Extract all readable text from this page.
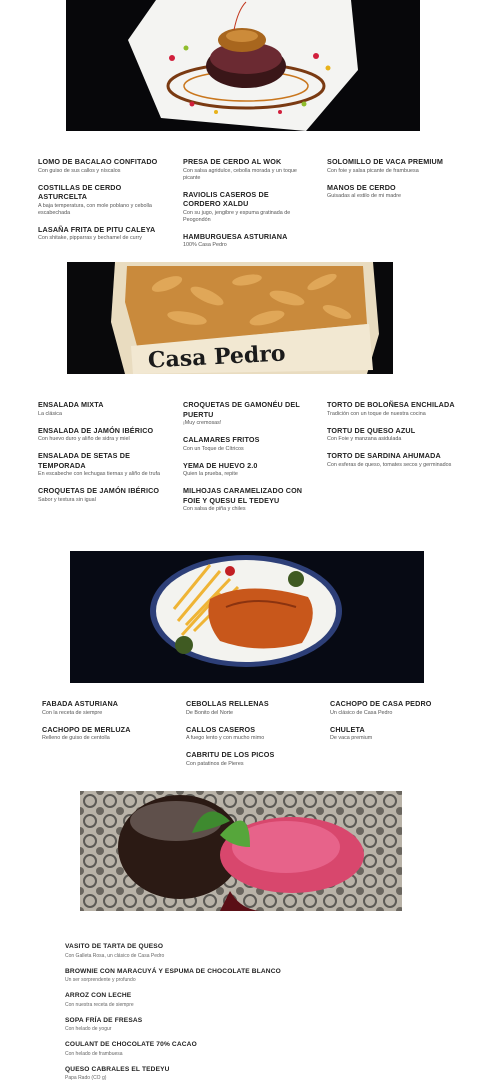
LOMO DE BACALAO CONFITADO
Con guiso de sus callos y níscalos
COSTILLAS DE CERDO ASTURCELTA
A baja temperatura, con mole poblano y cebolla escabechada
LASAÑA FRITA DE PITU CALEYA
Con shitake, pipparras y bechamel de curry
PRESA DE CERDO AL WOK
Con salsa agridulce, cebolla morada y un toque picante
RAVIOLIS CASEROS DE CORDERO XALDU
Con su jugo, jengibre y espuma gratinada de Peogondón
HAMBURGUESA ASTURIANA
100% Casa Pedro
SOLOMILLO DE VACA PREMIUM
Con foie y salsa picante de frambuesa
MANOS DE CERDO
Guisadas al estilo de mi madre
Casa Pedro
ENSALADA MIXTA
La clásica
ENSALADA DE JAMÓN IBÉRICO
Con huevo duro y aliño de sidra y miel
ENSALADA DE SETAS DE TEMPORADA
En escabeche con lechugas tiernas y aliño de trufa
CROQUETAS DE JAMÓN IBÉRICO
Sabor y textura sin igual
CROQUETAS DE GAMONÉU DEL PUERTU
¡Muy cremosas!
CALAMARES FRITOS
Con un Toque de Cítricos
YEMA DE HUEVO 2.0
Quien la prueba, repite
MILHOJAS CARAMELIZADO CON FOIE Y QUESU EL TEDEYU
Con salsa de piña y chiles
TORTO DE BOLOÑESA ENCHILADA
Tradición con un toque de nuestra cocina
TORTU DE QUESO AZUL
Con Foie y manzana asidulada
TORTO DE SARDINA AHUMADA
Con esferas de queso, tomates secos y germinados
FABADA ASTURIANA
Con la receta de siempre
CACHOPO DE MERLUZA
Relleno de guiso de centolla
CEBOLLAS RELLENAS
De Bonito del Norte
CALLOS CASEROS
A fuego lento y con mucho mimo
CABRITU DE LOS PICOS
Con patatinos de Pieres
CACHOPO DE CASA PEDRO
Un clásico de Casa Pedro
CHULETA
De vaca premium
VASITO DE TARTA DE QUESO
Con Galleta Rosa, un clásico de Casa Pedro
BROWNIE CON MARACUYÁ Y ESPUMA DE CHOCOLATE BLANCO
Un ser sorprendente y profundo
ARROZ CON LECHE
Con nuestra receta de siempre
SOPA FRÍA DE FRESAS
Con helado de yogur
COULANT DE CHOCOLATE 70% CACAO
Con helado de frambuesa
QUESO CABRALES EL TEDEYU
Papa Rado (CO g)
